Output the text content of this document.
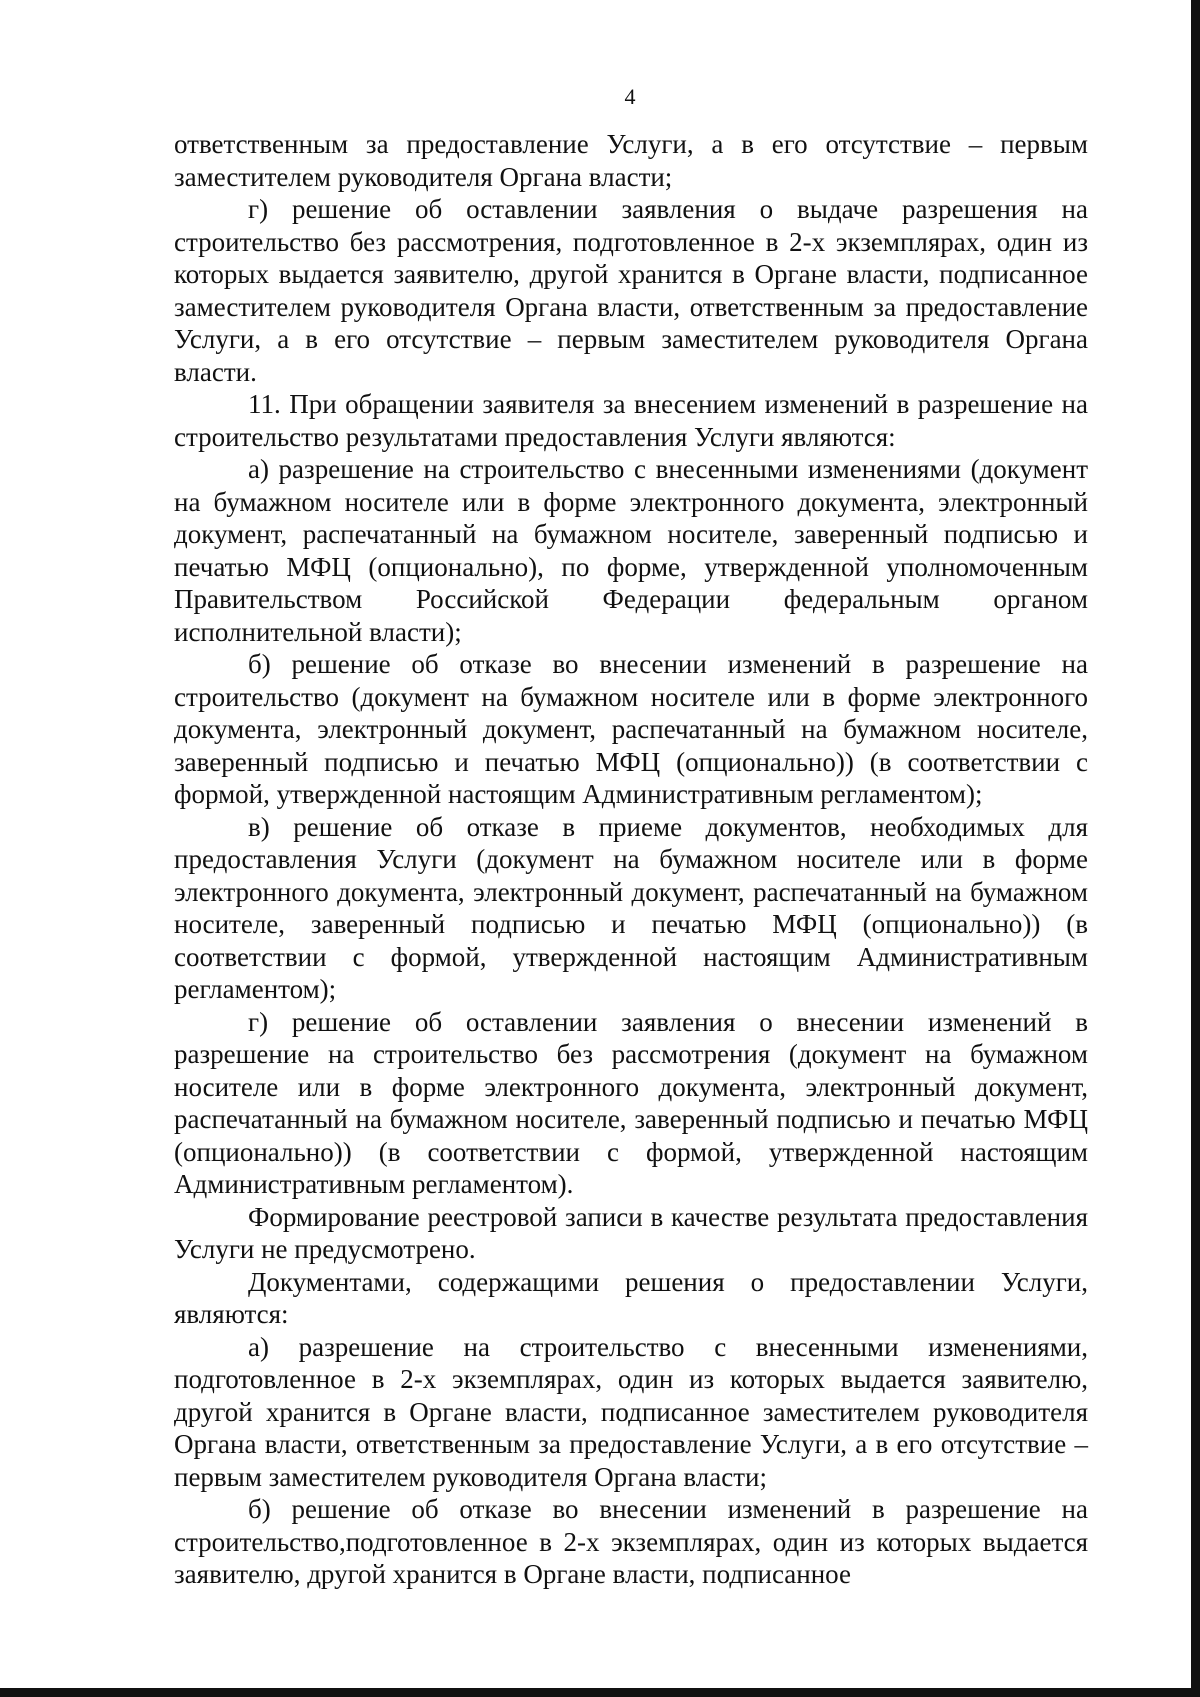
4

ответственным за предоставление Услуги, а в его отсутствие – первым заместителем руководителя Органа власти;

г) решение об оставлении заявления о выдаче разрешения на строительство без рассмотрения, подготовленное в 2-х экземплярах, один из которых выдается заявителю, другой хранится в Органе власти, подписанное заместителем руководителя Органа власти, ответственным за предоставление Услуги, а в его отсутствие – первым заместителем руководителя Органа власти.

11. При обращении заявителя за внесением изменений в разрешение на строительство результатами предоставления Услуги являются:

а) разрешение на строительство с внесенными изменениями (документ на бумажном носителе или в форме электронного документа, электронный документ, распечатанный на бумажном носителе, заверенный подписью и печатью МФЦ (опционально), по форме, утвержденной уполномоченным Правительством Российской Федерации федеральным органом исполнительной власти);

б) решение об отказе во внесении изменений в разрешение на строительство (документ на бумажном носителе или в форме электронного документа, электронный документ, распечатанный на бумажном носителе, заверенный подписью и печатью МФЦ (опционально)) (в соответствии с формой, утвержденной настоящим Административным регламентом);

в) решение об отказе в приеме документов, необходимых для предоставления Услуги (документ на бумажном носителе или в форме электронного документа, электронный документ, распечатанный на бумажном носителе, заверенный подписью и печатью МФЦ (опционально)) (в соответствии с формой, утвержденной настоящим Административным регламентом);

г) решение об оставлении заявления о внесении изменений в разрешение на строительство без рассмотрения (документ на бумажном носителе или в форме электронного документа, электронный документ, распечатанный на бумажном носителе, заверенный подписью и печатью МФЦ (опционально)) (в соответствии с формой, утвержденной настоящим Административным регламентом).

Формирование реестровой записи в качестве результата предоставления Услуги не предусмотрено.

Документами, содержащими решения о предоставлении Услуги, являются:

а) разрешение на строительство с внесенными изменениями, подготовленное в 2-х экземплярах, один из которых выдается заявителю, другой хранится в Органе власти, подписанное заместителем руководителя Органа власти, ответственным за предоставление Услуги, а в его отсутствие – первым заместителем руководителя Органа власти;

б) решение об отказе во внесении изменений в разрешение на строительство,подготовленное в 2-х экземплярах, один из которых выдается заявителю, другой хранится в Органе власти, подписанное
